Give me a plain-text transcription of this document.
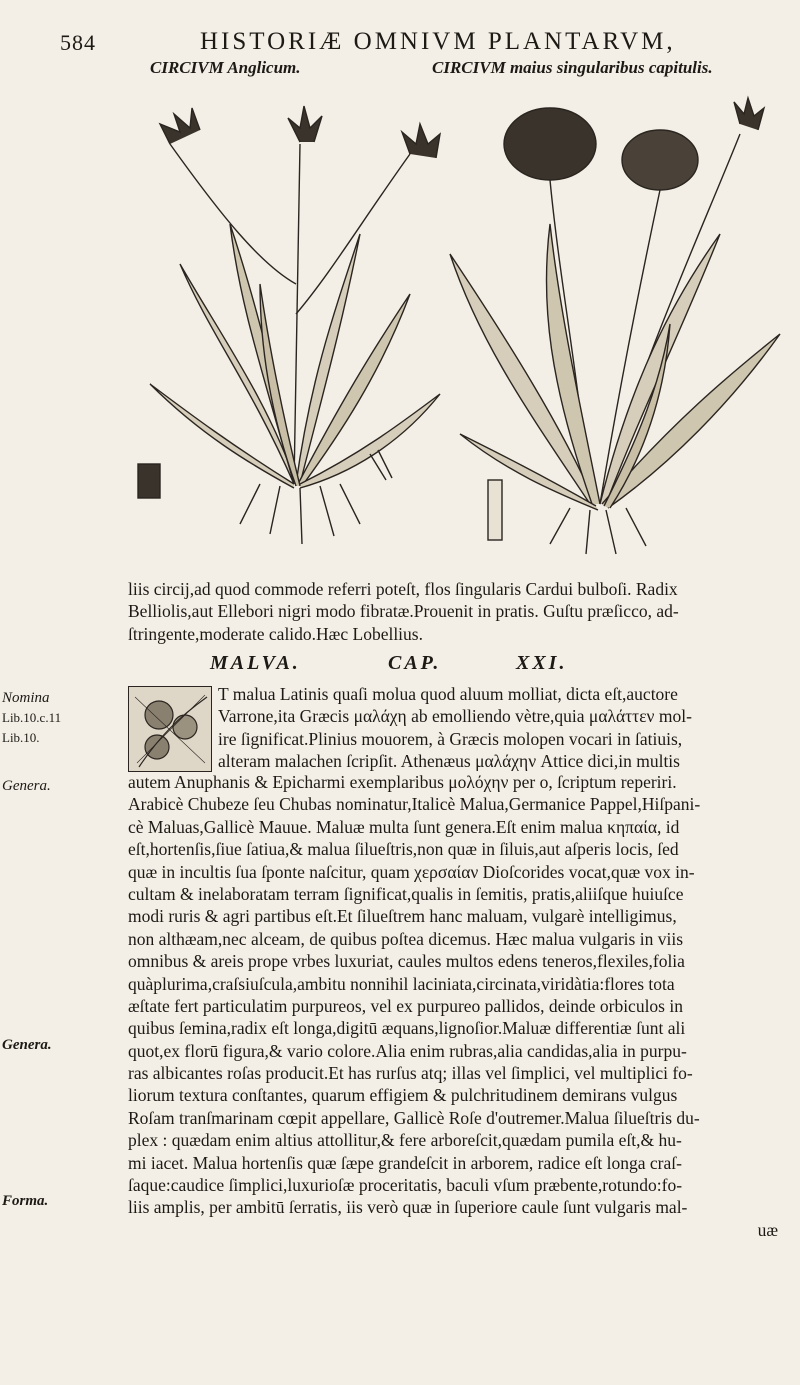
584	HISTORIÆ OMNIVM PLANTARVM,
CIRCIVM Anglicum.	CIRCIVM maius singularibus capitulis.
liis circij,ad quod commode referri poteſt, flos ſingularis Cardui bulboſi. Radix
Belliolis,aut Ellebori nigri modo fibratæ.Prouenit in pratis. Guſtu præſicco, ad-
ſtringente,moderate calido.Hæc Lobellius.
MALVA.	CAP.	XXI.
T malua Latinis quaſi molua quod aluum molliat, dicta eſt,auctore
Varrone,ita Græcis μαλάχη ab emolliendo vètre,quia μαλάττεν mol-
ire ſignificat.Plinius mouorem, à Græcis molopen vocari in ſatiuis,
alteram malachen ſcripſit. Athenæus μαλάχην Attice dici,in multis
autem Anuphanis & Epicharmi exemplaribus μολόχην per ο, ſcriptum reperiri.
Arabicè Chubeze ſeu Chubas nominatur,Italicè Malua,Germanice Pappel,Hiſpani-
cè Maluas,Gallicè Mauue. Maluæ multa ſunt genera.Eſt enim malua κηπαία, id
eſt,hortenſis,ſiue ſatiua,& malua ſilueſtris,non quæ in ſiluis,aut aſperis locis, ſed
quæ in incultis ſua ſponte naſcitur, quam χερσαίαν Dioſcorides vocat,quæ vox in-
cultam & inelaboratam terram ſignificat,qualis in ſemitis, pratis,aliiſque huiuſce
modi ruris & agri partibus eſt.Et ſilueſtrem hanc maluam, vulgarè intelligimus,
non althæam,nec alceam, de quibus poſtea dicemus. Hæc malua vulgaris in viis
omnibus & areis prope vrbes luxuriat, caules multos edens teneros,flexiles,folia
quàplurima,craſsiuſcula,ambitu nonnihil laciniata,circinata,viridàtia:flores tota
æſtate fert particulatim purpureos, vel ex purpureo pallidos, deinde orbiculos in
quibus ſemina,radix eſt longa,digitū æquans,lignoſior.Maluæ differentiæ ſunt ali
quot,ex florū figura,& vario colore.Alia enim rubras,alia candidas,alia in purpu-
ras albicantes roſas producit.Et has rurſus atq; illas vel ſimplici, vel multiplici fo-
liorum textura conſtantes, quarum effigiem & pulchritudinem demirans vulgus
Roſam tranſmarinam cœpit appellare, Gallicè Roſe d'outremer.Malua ſilueſtris du-
plex : quædam enim altius attollitur,& fere arboreſcit,quædam pumila eſt,& hu-
mi iacet. Malua hortenſis quæ ſæpe grandeſcit in arborem, radice eſt longa craſ-
ſaque:caudice ſimplici,luxurioſæ proceritatis, baculi vſum præbente,rotundo:fo-
liis amplis, per ambitū ſerratis, iis verò quæ in ſuperiore caule ſunt vulgaris mal-
uæ
Nomina
Lib.10.c.11
Lib.10.
Genera.
Genera.
Forma.
